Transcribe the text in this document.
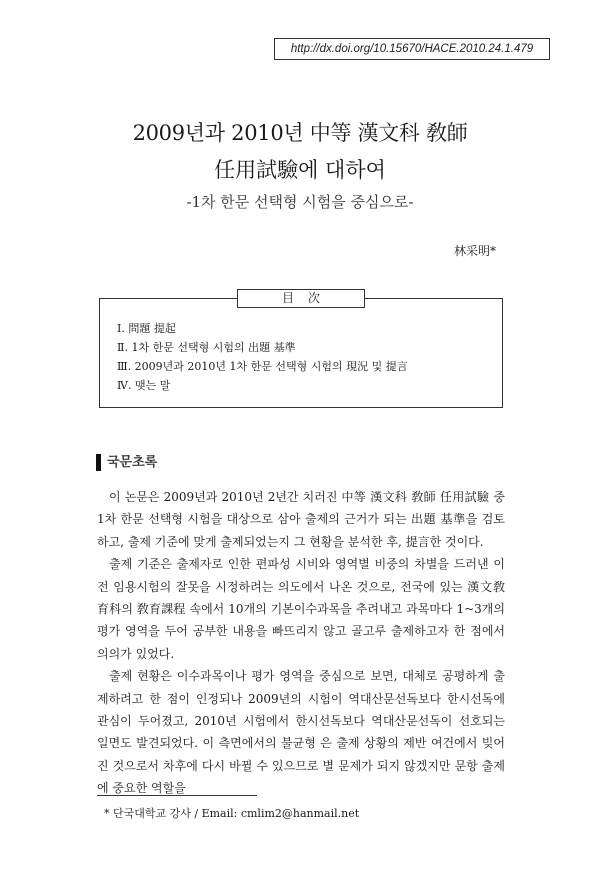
http://dx.doi.org/10.15670/HACE.2010.24.1.479
2009년과 2010년 中等 漢文科 敎師
任用試驗에 대하여
-1차 한문 선택형 시험을 중심으로-
林采明*
目次
Ⅰ. 問題 提起
Ⅱ. 1차 한문 선택형 시험의 出題 基準
Ⅲ. 2009년과 2010년 1차 한문 선택형 시험의 現況 및 提言
Ⅳ. 맺는 말
국문초록

이 논문은 2009년과 2010년 2년간 치러진 中等 漢文科 敎師 任用試驗 중 1차 한문 선택형 시험을 대상으로 삼아 출제의 근거가 되는 出題 基準을 검토하고, 출제 기준에 맞게 출제되었는지 그 현황을 분석한 후, 提言한 것이다.

출제 기준은 출제자로 인한 편파성 시비와 영역별 비중의 차별을 드러낸 이전 임용시험의 잘못을 시정하려는 의도에서 나온 것으로, 전국에 있는 漢文敎育科의 敎育課程 속에서 10개의 기본이수과목을 추려내고 과목마다 1~3개의 평가 영역을 두어 공부한 내용을 빠뜨리지 않고 골고루 출제하고자 한 점에서 의의가 있었다.

출제 현황은 이수과목이나 평가 영역을 중심으로 보면, 대체로 공평하게 출제하려고 한 점이 인정되나 2009년의 시험이 역대산문선독보다 한시선독에 관심이 두어졌고, 2010년 시험에서 한시선독보다 역대산문선독이 선호되는 일면도 발견되었다. 이 측면에서의 불균형 은 출제 상황의 제반 여건에서 빚어진 것으로서 차후에 다시 바뀔 수 있으므로 별 문제가 되지 않겠지만 문항 출제에 중요한 역할을

* 단국대학교 강사 / Email: cmlim2@hanmail.net
